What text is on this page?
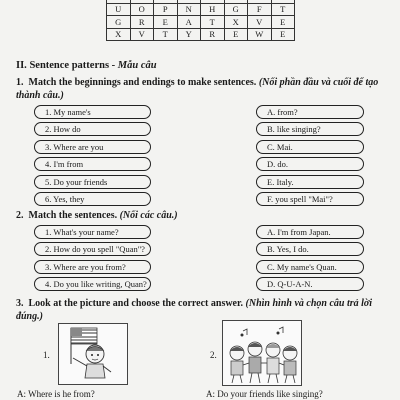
U	O	P	N	H	G	F	T
G	R	E	A	T	X	V	E
X	V	T	Y	R	E	W	E
II. Sentence patterns - Mẫu câu
1. Match the beginnings and endings to make sentences. (Nối phần đầu và cuối để tạo thành câu.)
1. My name's
2. How do
3. Where are you
4. I'm from
5. Do your friends
6. Yes, they
A. from?
B. like singing?
C. Mai.
D. do.
E. Italy.
F. you spell "Mai"?
2. Match the sentences. (Nối các câu.)
1. What's your name?
2. How do you spell "Quan"?
3. Where are you from?
4. Do you like writing, Quan?
A. I'm from Japan.
B. Yes, I do.
C. My name's Quan.
D. Q-U-A-N.
3. Look at the picture and choose the correct answer. (Nhìn hình và chọn câu trả lời đúng.)
1.	2.
A: Where is he from?	A: Do your friends like singing?
